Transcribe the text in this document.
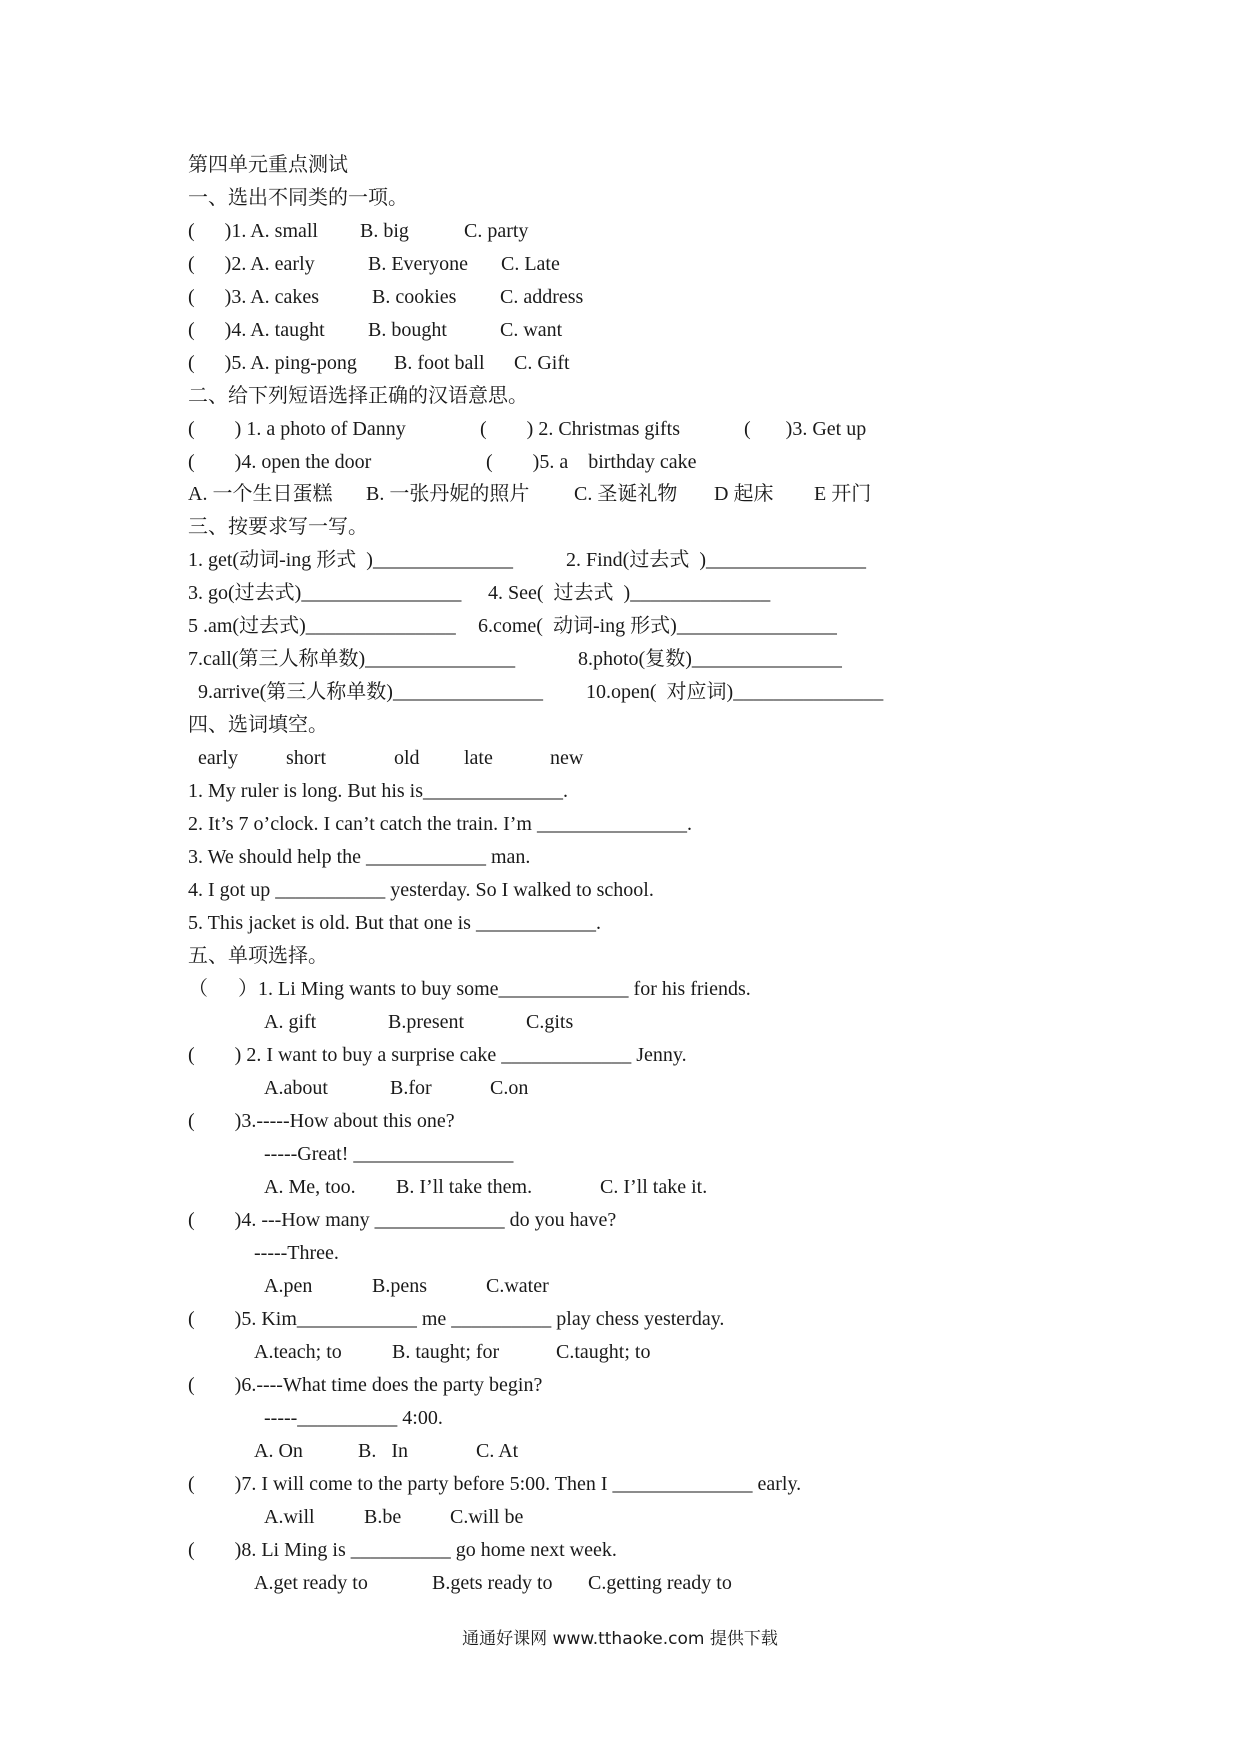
第四单元重点测试
一、选出不同类的一项。

(      )1. A. small

B. big

	C. party

(      )2. A. early

	B. Everyone

C. Late

(      )3. A. cakes

	B. cookies

C. address

(      )4. A. taught

B. bought

	C. want

(      )5. A. ping-pong

B. foot ball

C. Gift

二、给下列短语选择正确的汉语意思。

(        ) 1. a photo of Danny

	(        ) 2. Christmas gifts

	(       )3. Get up

(        )4. open the door

	(        )5. a    birthday cake

A. 一个生日蛋糕

B. 一张丹妮的照片

C. 圣诞礼物

D 起床

E 开门

三、按要求写一写。

1. get(动词-ing 形式  )______________

	2. Find(过去式  )________________

3. go(过去式)________________

4. See(  过去式  )______________

5 .am(过去式)_______________

6.come(  动词-ing 形式)________________

7.call(第三人称单数)_______________

	8.photo(复数)_______________

9.arrive(第三人称单数)_______________

10.open(  对应词)_______________

四、选词填空。

early

short

	old

late

	new

1. My ruler is long. But his is______________.
2. It’s 7 o’clock. I can’t catch the train. I’m _______________.
3. We should help the ____________ man.
4. I got up ___________ yesterday. So I walked to school.
5. This jacket is old. But that one is ____________.
五、单项选择。
（      ）1. Li Ming wants to buy some_____________ for his friends.

A. gift

	B.present

	C.gits

(        ) 2. I want to buy a surprise cake _____________ Jenny.

A.about

	B.for

	C.on

(        )3.-----How about this one?
-----Great! ________________

A. Me, too.

B. I’ll take them.

	C. I’ll take it.

(        )4. ---How many _____________ do you have?
-----Three.

A.pen

	B.pens

	C.water

(        )5. Kim____________ me __________ play chess yesterday.

A.teach; to

	B. taught; for

	C.taught; to

(        )6.----What time does the party begin?
-----__________ 4:00.

A. On

	B.   In

	C. At

(        )7. I will come to the party before 5:00. Then I ______________ early.

A.will

B.be

C.will be

(        )8. Li Ming is __________ go home next week.

A.get ready to

	B.gets ready to

C.getting ready to

通通好课网 www.tthaoke.com 提供下载
